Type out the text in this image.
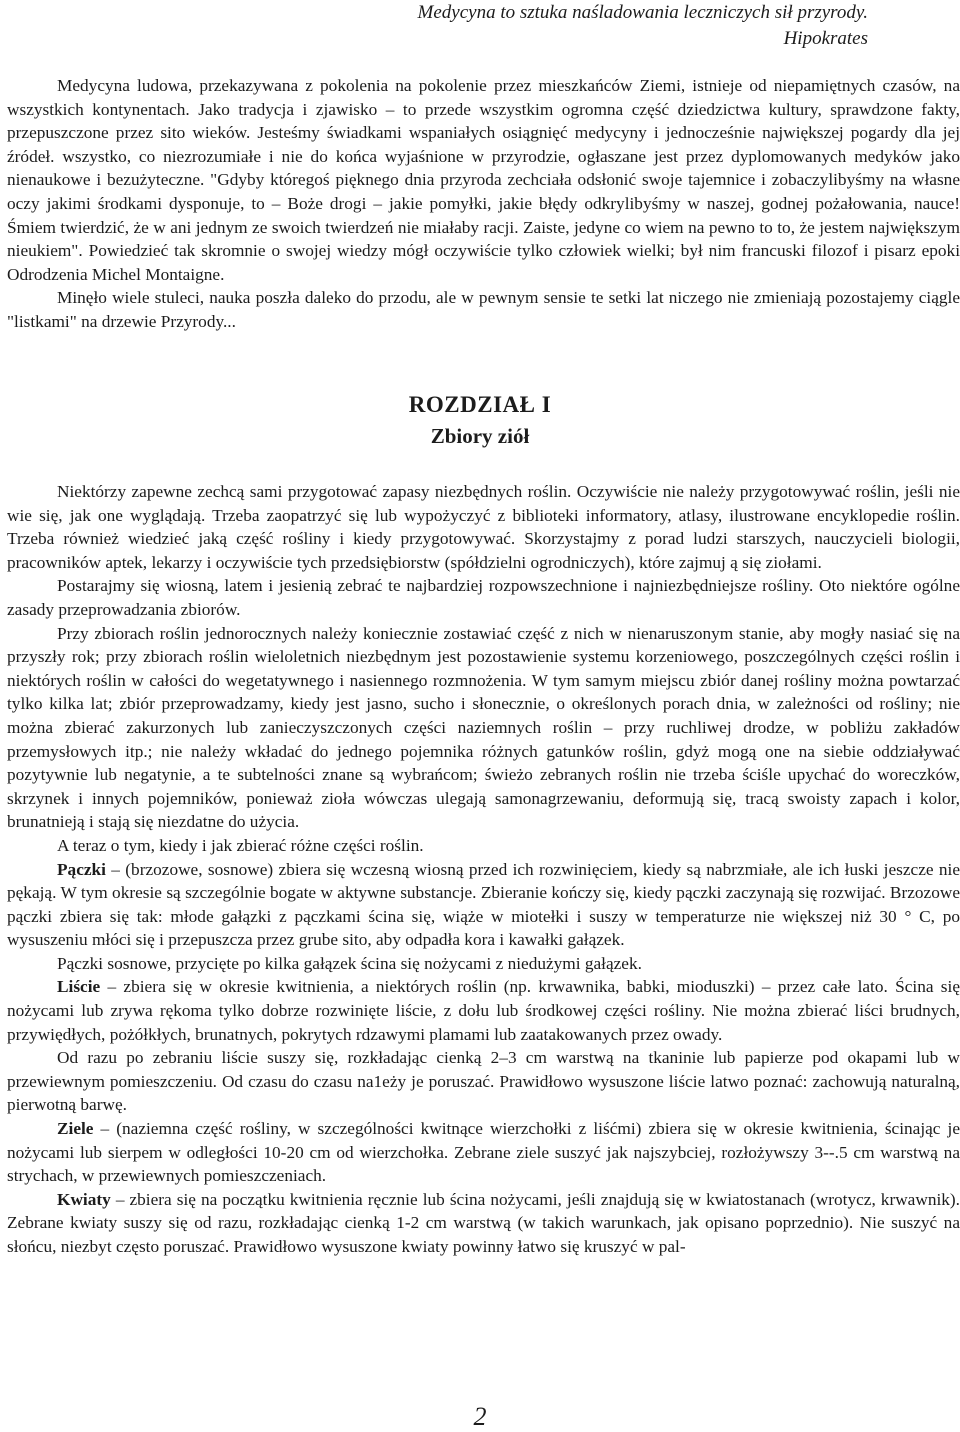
Medycyna to sztuka naśladowania leczniczych sił przyrody.
Hipokrates

Medycyna ludowa, przekazywana z pokolenia na pokolenie przez mieszkańców Ziemi, istnieje od niepamiętnych czasów, na wszystkich kontynentach. Jako tradycja i zjawisko – to przede wszystkim ogromna część dziedzictwa kultury, sprawdzone fakty, przepuszczone przez sito wieków. Jesteśmy świadkami wspaniałych osiągnięć medycyny i jednocześnie największej pogardy dla jej źródeł. wszystko, co niezrozumiałe i nie do końca wyjaśnione w przyrodzie, ogłaszane jest przez dyplomowanych medyków jako nienaukowe i bezużyteczne. "Gdyby któregoś pięknego dnia przyroda zechciała odsłonić swoje tajemnice i zobaczylibyśmy na własne oczy jakimi środkami dysponuje, to – Boże drogi – jakie pomyłki, jakie błędy odkrylibyśmy w naszej, godnej pożałowania, nauce! Śmiem twierdzić, że w ani jednym ze swoich twierdzeń nie miałaby racji. Zaiste, jedyne co wiem na pewno to to, że jestem największym nieukiem". Powiedzieć tak skromnie o swojej wiedzy mógł oczywiście tylko człowiek wielki; był nim francuski filozof i pisarz epoki Odrodzenia Michel Montaigne.

Minęło wiele stuleci, nauka poszła daleko do przodu, ale w pewnym sensie te setki lat niczego nie zmieniają pozostajemy ciągle "listkami" na drzewie Przyrody...

ROZDZIAŁ I
Zbiory ziół

Niektórzy zapewne zechcą sami przygotować zapasy niezbędnych roślin. Oczywiście nie należy przygotowywać roślin, jeśli nie wie się, jak one wyglądają. Trzeba zaopatrzyć się lub wypożyczyć z biblioteki informatory, atlasy, ilustrowane encyklopedie roślin. Trzeba również wiedzieć jaką część rośliny i kiedy przygotowywać. Skorzystajmy z porad ludzi starszych, nauczycieli biologii, pracowników aptek, lekarzy i oczywiście tych przedsiębiorstw (spółdzielni ogrodniczych), które zajmuj ą się ziołami.

Postarajmy się wiosną, latem i jesienią zebrać te najbardziej rozpowszechnione i najniezbędniejsze rośliny. Oto niektóre ogólne zasady przeprowadzania zbiorów.

Przy zbiorach roślin jednorocznych należy koniecznie zostawiać część z nich w nienaruszonym stanie, aby mogły nasiać się na przyszły rok; przy zbiorach roślin wieloletnich niezbędnym jest pozostawienie systemu korzeniowego, poszczególnych części roślin i niektórych roślin w całości do wegetatywnego i nasiennego rozmnożenia. W tym samym miejscu zbiór danej rośliny można powtarzać tylko kilka lat; zbiór przeprowadzamy, kiedy jest jasno, sucho i słonecznie, o określonych porach dnia, w zależności od rośliny; nie można zbierać zakurzonych lub zanieczyszczonych części naziemnych roślin – przy ruchliwej drodze, w pobliżu zakładów przemysłowych itp.; nie należy wkładać do jednego pojemnika różnych gatunków roślin, gdyż mogą one na siebie oddziaływać pozytywnie lub negatynie, a te subtelności znane są wybrańcom; świeżo zebranych roślin nie trzeba ściśle upychać do woreczków, skrzynek i innych pojemników, ponieważ zioła wówczas ulegają samonagrzewaniu, deformują się, tracą swoisty zapach i kolor, brunatnieją i stają się niezdatne do użycia.

A teraz o tym, kiedy i jak zbierać różne części roślin.

Pączki – (brzozowe, sosnowe) zbiera się wczesną wiosną przed ich rozwinięciem, kiedy są nabrzmiałe, ale ich łuski jeszcze nie pękają. W tym okresie są szczególnie bogate w aktywne substancje. Zbieranie kończy się, kiedy pączki zaczynają się rozwijać. Brzozowe pączki zbiera się tak: młode gałązki z pączkami ścina się, wiąże w miotełki i suszy w temperaturze nie większej niż 30 ° C, po wysuszeniu młóci się i przepuszcza przez grube sito, aby odpadła kora i kawałki gałązek.

Pączki sosnowe, przycięte po kilka gałązek ścina się nożycami z niedużymi gałązek.

Liście – zbiera się w okresie kwitnienia, a niektórych roślin (np. krwawnika, babki, mioduszki) – przez całe lato. Ścina się nożycami lub zrywa rękoma tylko dobrze rozwinięte liście, z dołu lub środkowej części rośliny. Nie można zbierać liści brudnych, przywiędłych, pożółkłych, brunatnych, pokrytych rdzawymi plamami lub zaatakowanych przez owady.

Od razu po zebraniu liście suszy się, rozkładając cienką 2–3 cm warstwą na tkaninie lub papierze pod okapami lub w przewiewnym pomieszczeniu. Od czasu do czasu na1eży je poruszać. Prawidłowo wysuszone liście latwo poznać: zachowują naturalną, pierwotną barwę.

Ziele – (naziemna część rośliny, w szczególności kwitnące wierzchołki z liśćmi) zbiera się w okresie kwitnienia, ścinając je nożycami lub sierpem w odległości 10-20 cm od wierzchołka. Zebrane ziele suszyć jak najszybciej, rozłożywszy 3--.5 cm warstwą na strychach, w przewiewnych pomieszczeniach.

Kwiaty – zbiera się na początku kwitnienia ręcznie lub ścina nożycami, jeśli znajdują się w kwiatostanach (wrotycz, krwawnik). Zebrane kwiaty suszy się od razu, rozkładając cienką 1-2 cm warstwą (w takich warunkach, jak opisano poprzednio). Nie suszyć na słońcu, niezbyt często poruszać. Prawidłowo wysuszone kwiaty powinny łatwo się kruszyć w pal-

2
